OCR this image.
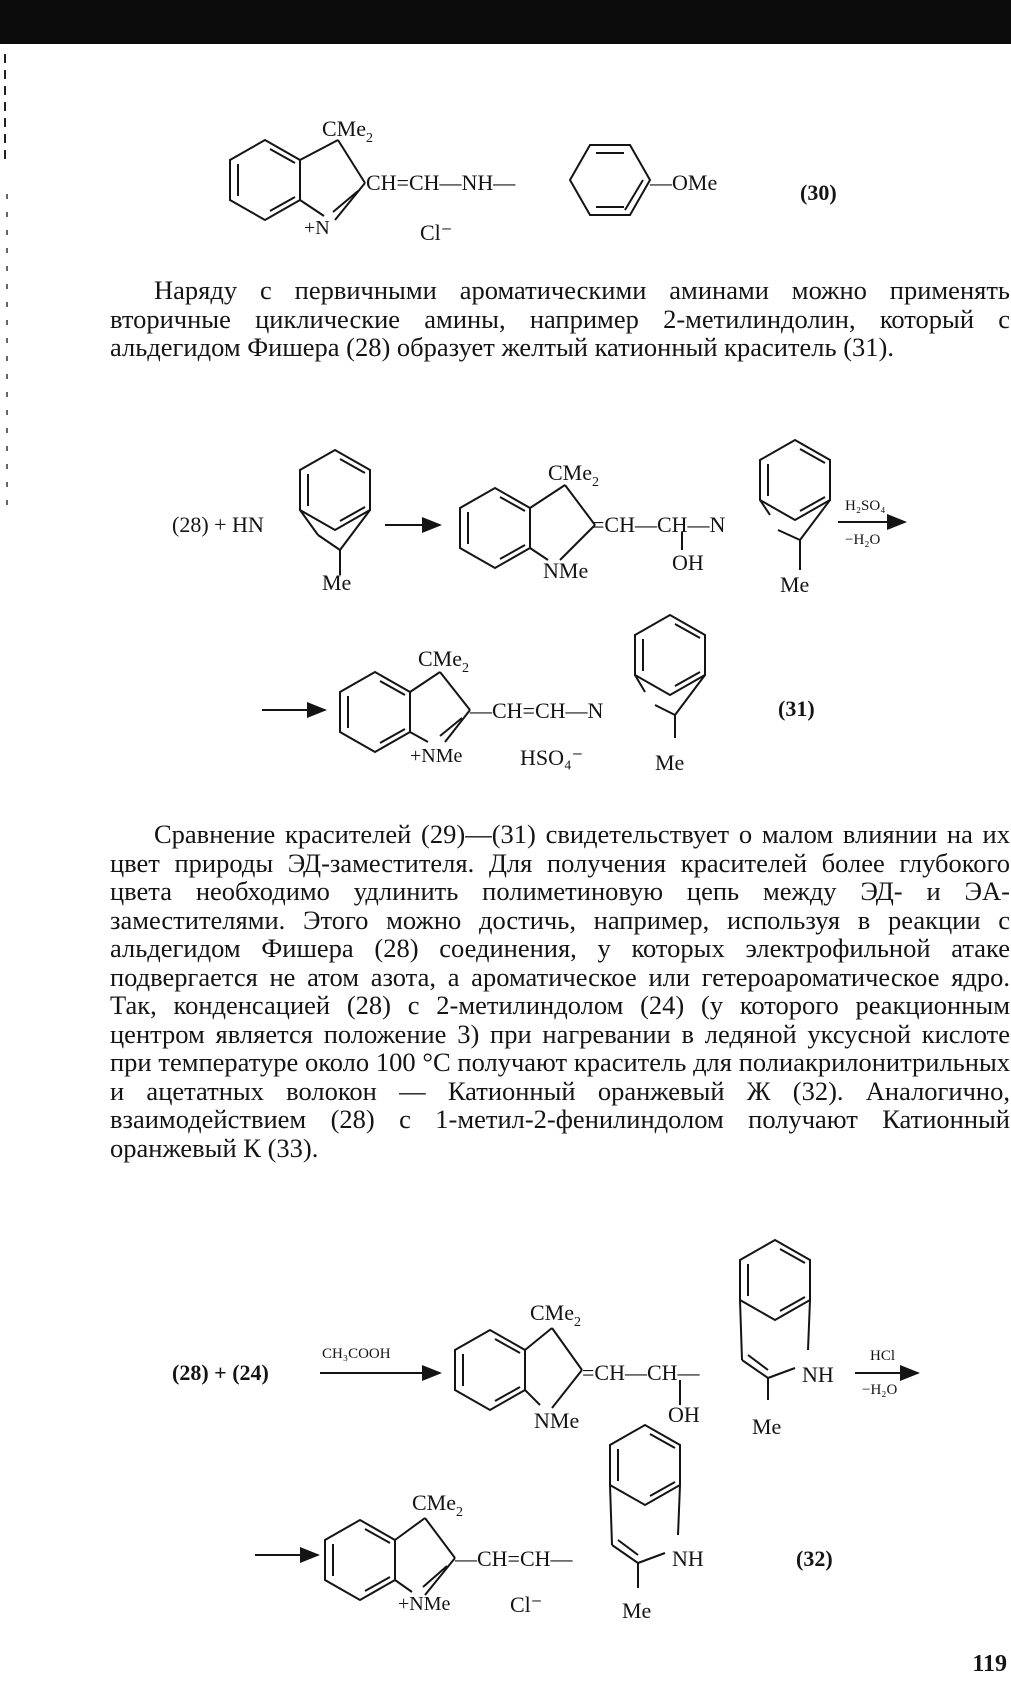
CMe$_2$
CH=CH—NH—	—OMe
+N	Cl⁻
(30)

Наряду с первичными ароматическими аминами можно применять вторичные циклические амины, например 2-метилиндолин, который с альдегидом Фишера (28) образует желтый катионный краситель (31).

(28) + HN
Me
CMe$_2$
=CH—CH—N
OH
NMe
Me
H₂SO₄
−H₂O
CMe$_2$
—CH=CH—N
+NMe	HSO₄⁻	Me
(31)

Сравнение красителей (29)—(31) свидетельствует о малом влиянии на их цвет природы ЭД-заместителя. Для получения красителей более глубокого цвета необходимо удлинить полиметиновую цепь между ЭД- и ЭА-заместителями. Этого можно достичь, например, используя в реакции с альдегидом Фишера (28) соединения, у которых электрофильной атаке подвергается не атом азота, а ароматическое или гетероароматическое ядро. Так, конденсацией (28) с 2-метилиндолом (24) (у которого реакционным центром является положение 3) при нагревании в ледяной уксусной кислоте при температуре около 100 °C получают краситель для полиакрилонитрильных и ацетатных волокон — Катионный оранжевый Ж (32). Аналогично, взаимодействием (28) с 1-метил-2-фенилиндолом получают Катионный оранжевый К (33).

(28) + (24)
CH₃COOH
CMe$_2$
=CH—CH—
OH
NMe
NH
Me
HCl
−H₂O
CMe$_2$
—CH=CH—
+NMe	Cl⁻
NH
Me
(32)
119
